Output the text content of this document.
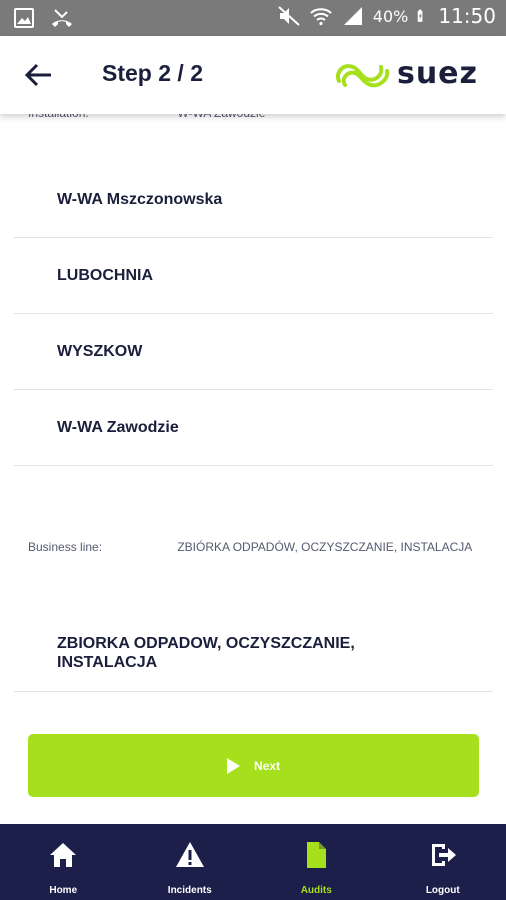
40% 11:50
Step 2 / 2	suez

W-WA Mszczonowska
LUBOCHNIA
WYSZKOW
W-WA Zawodzie
Business line:	ZBIÓRKA ODPADÓW, OCZYSZCZANIE, INSTALACJA
ZBIORKA ODPADOW, OCZYSZCZANIE, INSTALACJA
Next
Home	Incidents	Audits	Logout
